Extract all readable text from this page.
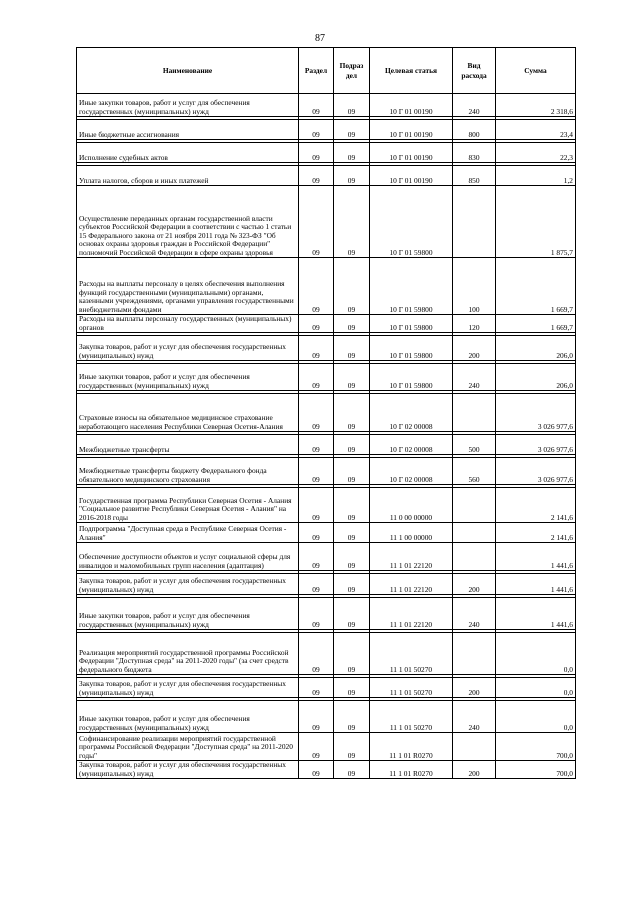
87
Наименование	Раздел	Подраз дел	Целевая статья	Вид расхода	Сумма
Иные закупки товаров, работ и услуг для обеспечения государственных (муниципальных) нужд	09	09	10 Г 01 00190	240	2 318,6

Иные бюджетные ассигнования	09	09	10 Г 01 00190	800	23,4

Исполнение судебных актов	09	09	10 Г 01 00190	830	22,3

Уплата налогов, сборов и иных платежей	09	09	10 Г 01 00190	850	1,2
Осуществление переданных органам государственной власти субъектов Российской Федерации в соответствии с частью 1 статьи 15 Федерального закона от 21 ноября 2011 года № 323-ФЗ "Об основах охраны здоровья граждан в Российской Федерации" полномочий Российской Федерации в сфере охраны здоровья	09	09	10 Г 01 59800		1 875,7
Расходы на выплаты персоналу в целях обеспечения выполнения функций государственными (муниципальными) органами, казенными учреждениями, органами управления государственными внебюджетными фондами	09	09	10 Г 01 59800	100	1 669,7
Расходы на выплаты персоналу государственных (муниципальных) органов	09	09	10 Г 01 59800	120	1 669,7

Закупка товаров, работ и услуг для обеспечения государственных (муниципальных) нужд	09	09	10 Г 01 59800	200	206,0

Иные закупки товаров, работ и услуг для обеспечения государственных (муниципальных) нужд	09	09	10 Г 01 59800	240	206,0

Страховые взносы на обязательное медицинское страхование неработающего населения Республики Северная Осетия-Алания	09	09	10 Г 02 00008		3 026 977,6

Межбюджетные трансферты	09	09	10 Г 02 00008	500	3 026 977,6

Межбюджетные трансферты бюджету Федерального фонда обязательного медицинского страхования	09	09	10 Г 02 00008	560	3 026 977,6

Государственная программа Республики Северная Осетия - Алания "Социальное развитие Республики Северная Осетия - Алания" на 2016-2018 годы	09	09	11 0 00 00000		2 141,6
Подпрограмма "Доступная среда в Республике Северная Осетия - Алания"	09	09	11 1 00 00000		2 141,6
Обеспечение доступности объектов и услуг социальной сферы для инвалидов и маломобильных групп населения (адаптация)	09	09	11 1 01 22120		1 441,6

Закупка товаров, работ и услуг для обеспечения государственных (муниципальных) нужд	09	09	11 1 01 22120	200	1 441,6

Иные закупки товаров, работ и услуг для обеспечения государственных (муниципальных) нужд	09	09	11 1 01 22120	240	1 441,6

Реализация мероприятий государственной программы Российской Федерации "Доступная среда" на 2011-2020 годы" (за счет средств федерального бюджета	09	09	11 1 01 50270		0,0

Закупка товаров, работ и услуг для обеспечения государственных (муниципальных) нужд	09	09	11 1 01 50270	200	0,0

Иные закупки товаров, работ и услуг для обеспечения государственных (муниципальных) нужд	09	09	11 1 01 50270	240	0,0
Софинансирование реализации мероприятий государственной программы Российской Федерации "Доступная среда" на 2011-2020 годы"	09	09	11 1 01 R0270		700,0
Закупка товаров, работ и услуг для обеспечения государственных (муниципальных) нужд	09	09	11 1 01 R0270	200	700,0
